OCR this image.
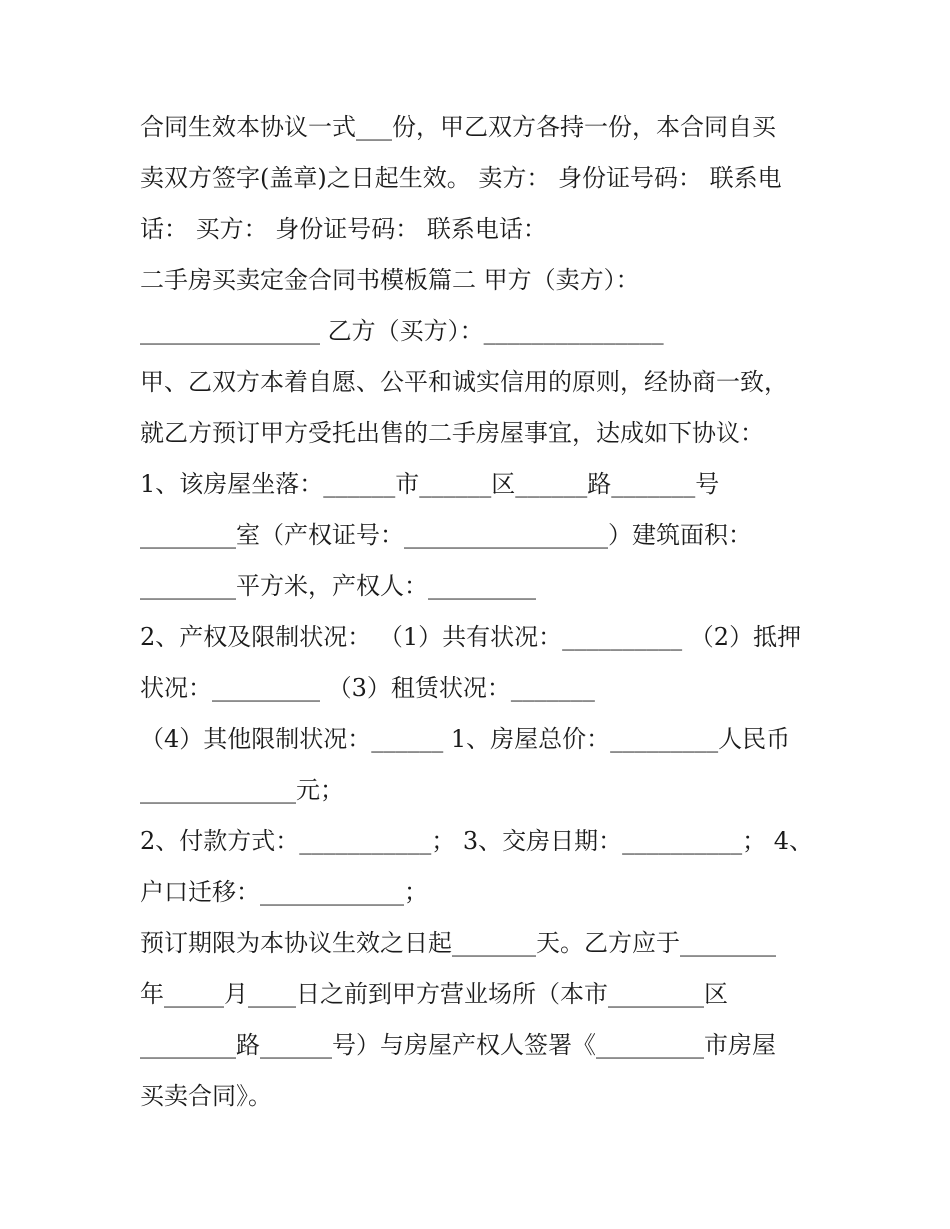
合同生效本协议一式___份，甲乙双方各持一份，本合同自买
卖双方签字(盖章)之日起生效。 卖方： 身份证号码： 联系电
话： 买方： 身份证号码： 联系电话：
二手房买卖定金合同书模板篇二 甲方（卖方）：
_______________ 乙方（买方）：_______________
甲、乙双方本着自愿、公平和诚实信用的原则，经协商一致，
就乙方预订甲方受托出售的二手房屋事宜，达成如下协议：
1、该房屋坐落：______市______区______路_______号
________室（产权证号：_________________）建筑面积：
________平方米，产权人：_________
2、产权及限制状况： （1）共有状况：__________ （2）抵押
状况：_________ （3）租赁状况：_______
（4）其他限制状况：______ 1、房屋总价：_________人民币
_____________元；
2、付款方式：___________； 3、交房日期：__________； 4、
户口迁移：____________；
预订期限为本协议生效之日起_______天。乙方应于________
年_____月____日之前到甲方营业场所（本市________区
________路______号）与房屋产权人签署《_________市房屋
买卖合同》。
